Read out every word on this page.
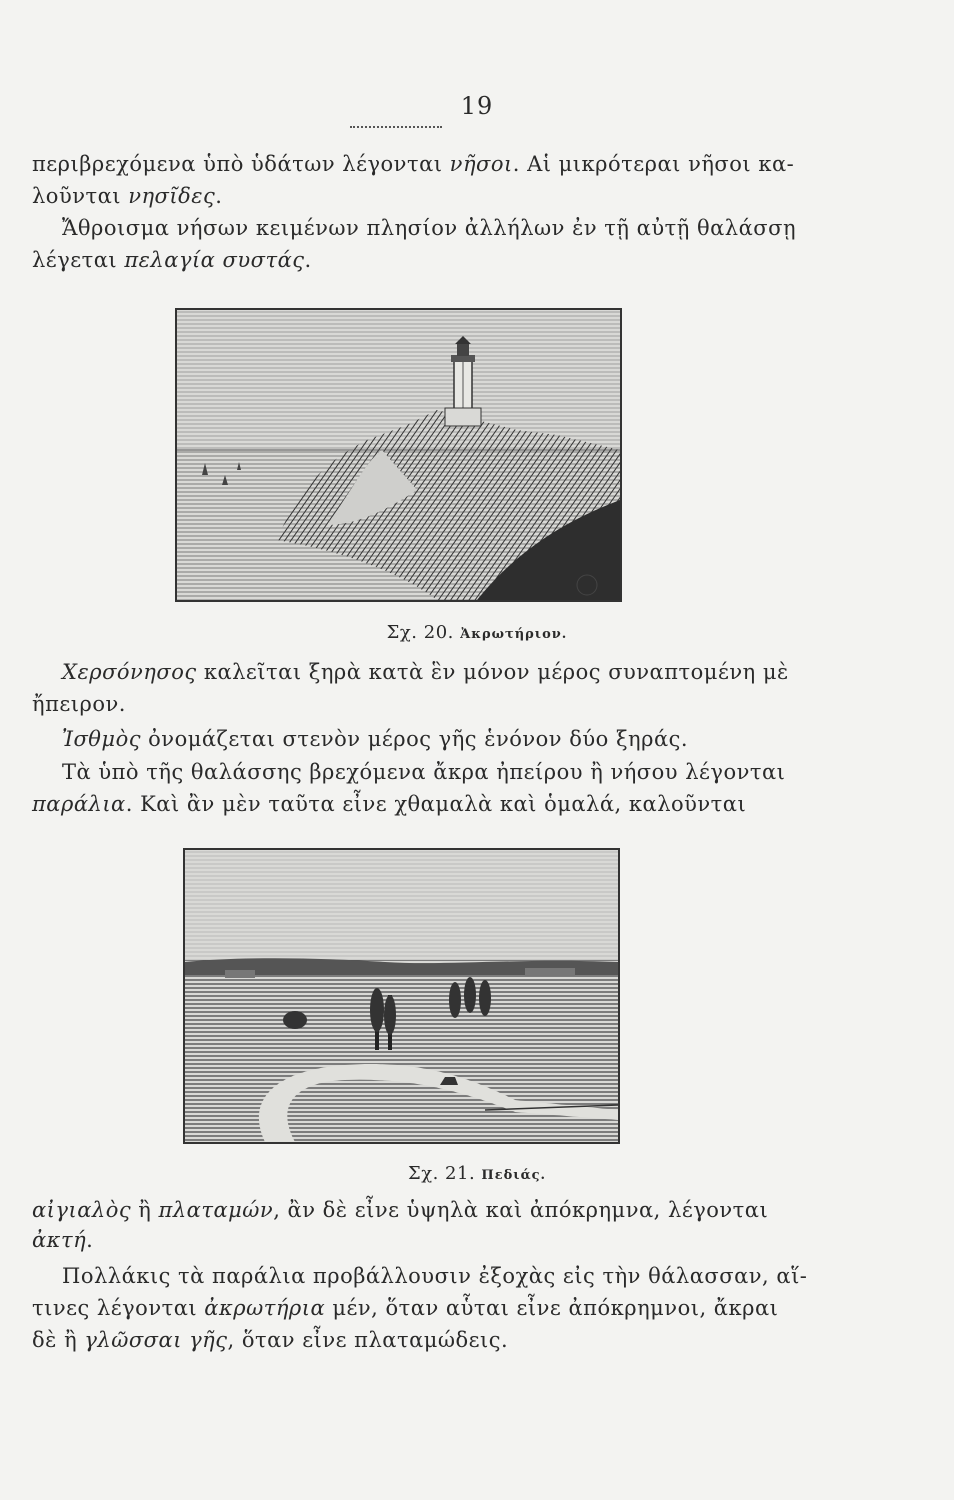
19
περιβρεχόμενα ὑπὸ ὑδάτων λέγονται νῆσοι. Αἱ μικρότεραι νῆσοι κα-
λοῦνται νησῖδες.
Ἄθροισμα νήσων κειμένων πλησίον ἀλλήλων ἐν τῇ αὐτῇ θαλάσσῃ
λέγεται πελαγία συστάς.
Σχ. 20. Ἀκρωτήριον.
Χερσόνησος καλεῖται ξηρὰ κατὰ ἓν μόνον μέρος συναπτομένη μὲ
ἤπειρον.
Ἰσθμὸς ὀνομάζεται στενὸν μέρος γῆς ἑνόνον δύο ξηράς.
Τὰ ὑπὸ τῆς θαλάσσης βρεχόμενα ἄκρα ἠπείρου ἢ νήσου λέγονται
παράλια. Καὶ ἂν μὲν ταῦτα εἶνε χθαμαλὰ καὶ ὁμαλά, καλοῦνται
Σχ. 21. Πεδιάς.
αἰγιαλὸς ἢ πλαταμών, ἂν δὲ εἶνε ὑψηλὰ καὶ ἀπόκρημνα, λέγονται
ἀκτή.
Πολλάκις τὰ παράλια προβάλλουσιν ἐξοχὰς εἰς τὴν θάλασσαν, αἵ-
τινες λέγονται ἀκρωτήρια μέν, ὅταν αὗται εἶνε ἀπόκρημνοι, ἄκραι
δὲ ἢ γλῶσσαι γῆς, ὅταν εἶνε πλαταμώδεις.
